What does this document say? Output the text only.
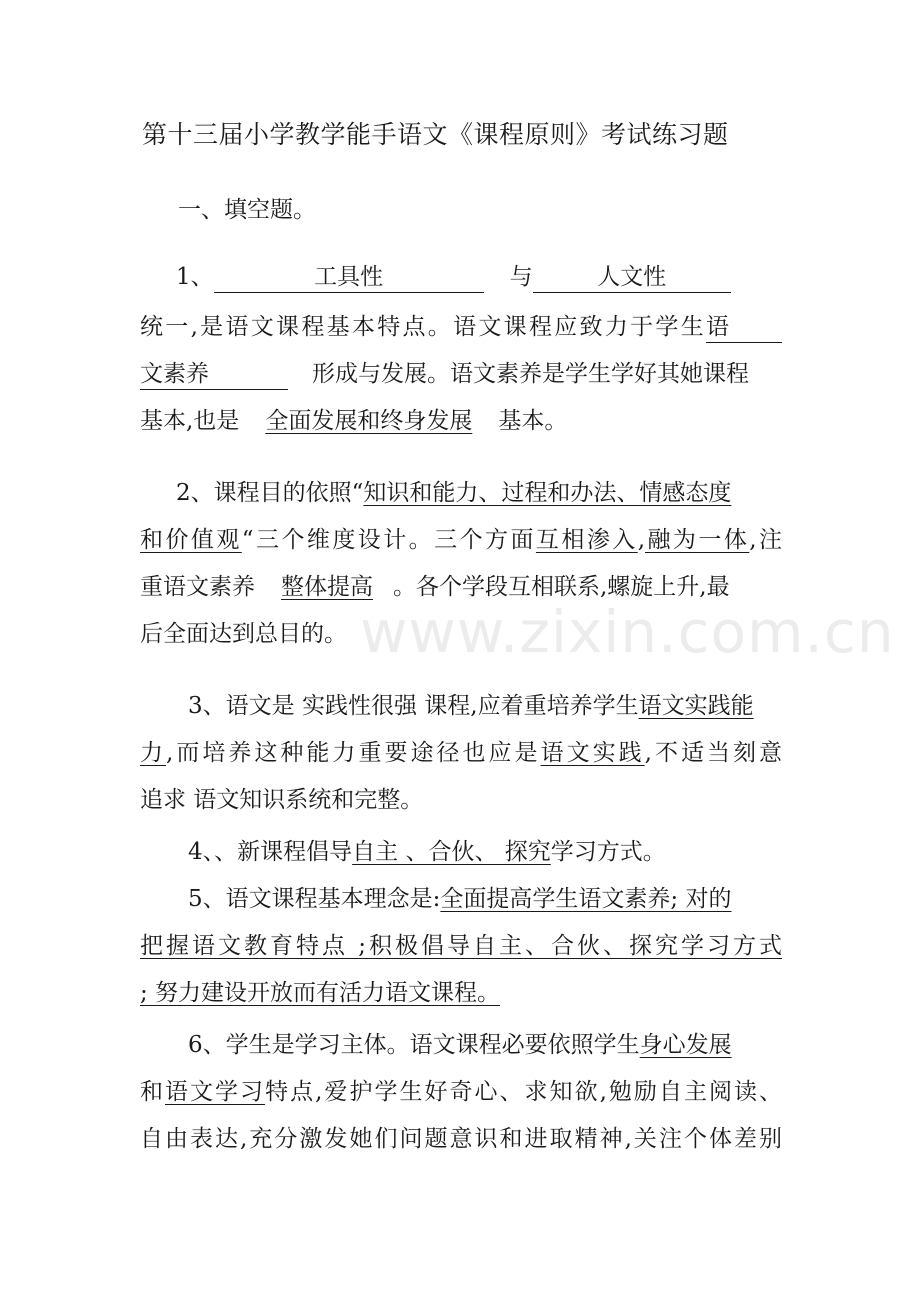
第十三届小学教学能手语文《课程原则》考试练习题
一、填空题。
1、	工具性	与	人文性
统一,是语文课程基本特点。语文课程应致力于学生语
文素养	形成与发展。语文素养是学生学好其她课程
基本,也是 全面发展和终身发展 基本。
2、课程目的依照“知识和能力、过程和办法、情感态度
和价值观“三个维度设计。三个方面互相渗入,融为一体,注
重语文素养 整体提高 。各个学段互相联系,螺旋上升,最
后全面达到总目的。
3、语文是 实践性很强 课程,应着重培养学生语文实践能
力,而培养这种能力重要途径也应是语文实践,不适当刻意
追求 语文知识系统和完整。
4、、新课程倡导自主 、合伙、 探究学习方式。
5、语文课程基本理念是:全面提高学生语文素养; 对的
把握语文教育特点 ;积极倡导自主、合伙、探究学习方式
; 努力建设开放而有活力语文课程。
6、学生是学习主体。语文课程必要依照学生身心发展
和语文学习特点,爱护学生好奇心、求知欲,勉励自主阅读、
自由表达,充分激发她们问题意识和进取精神,关注个体差别
www.zixin.com.cn
